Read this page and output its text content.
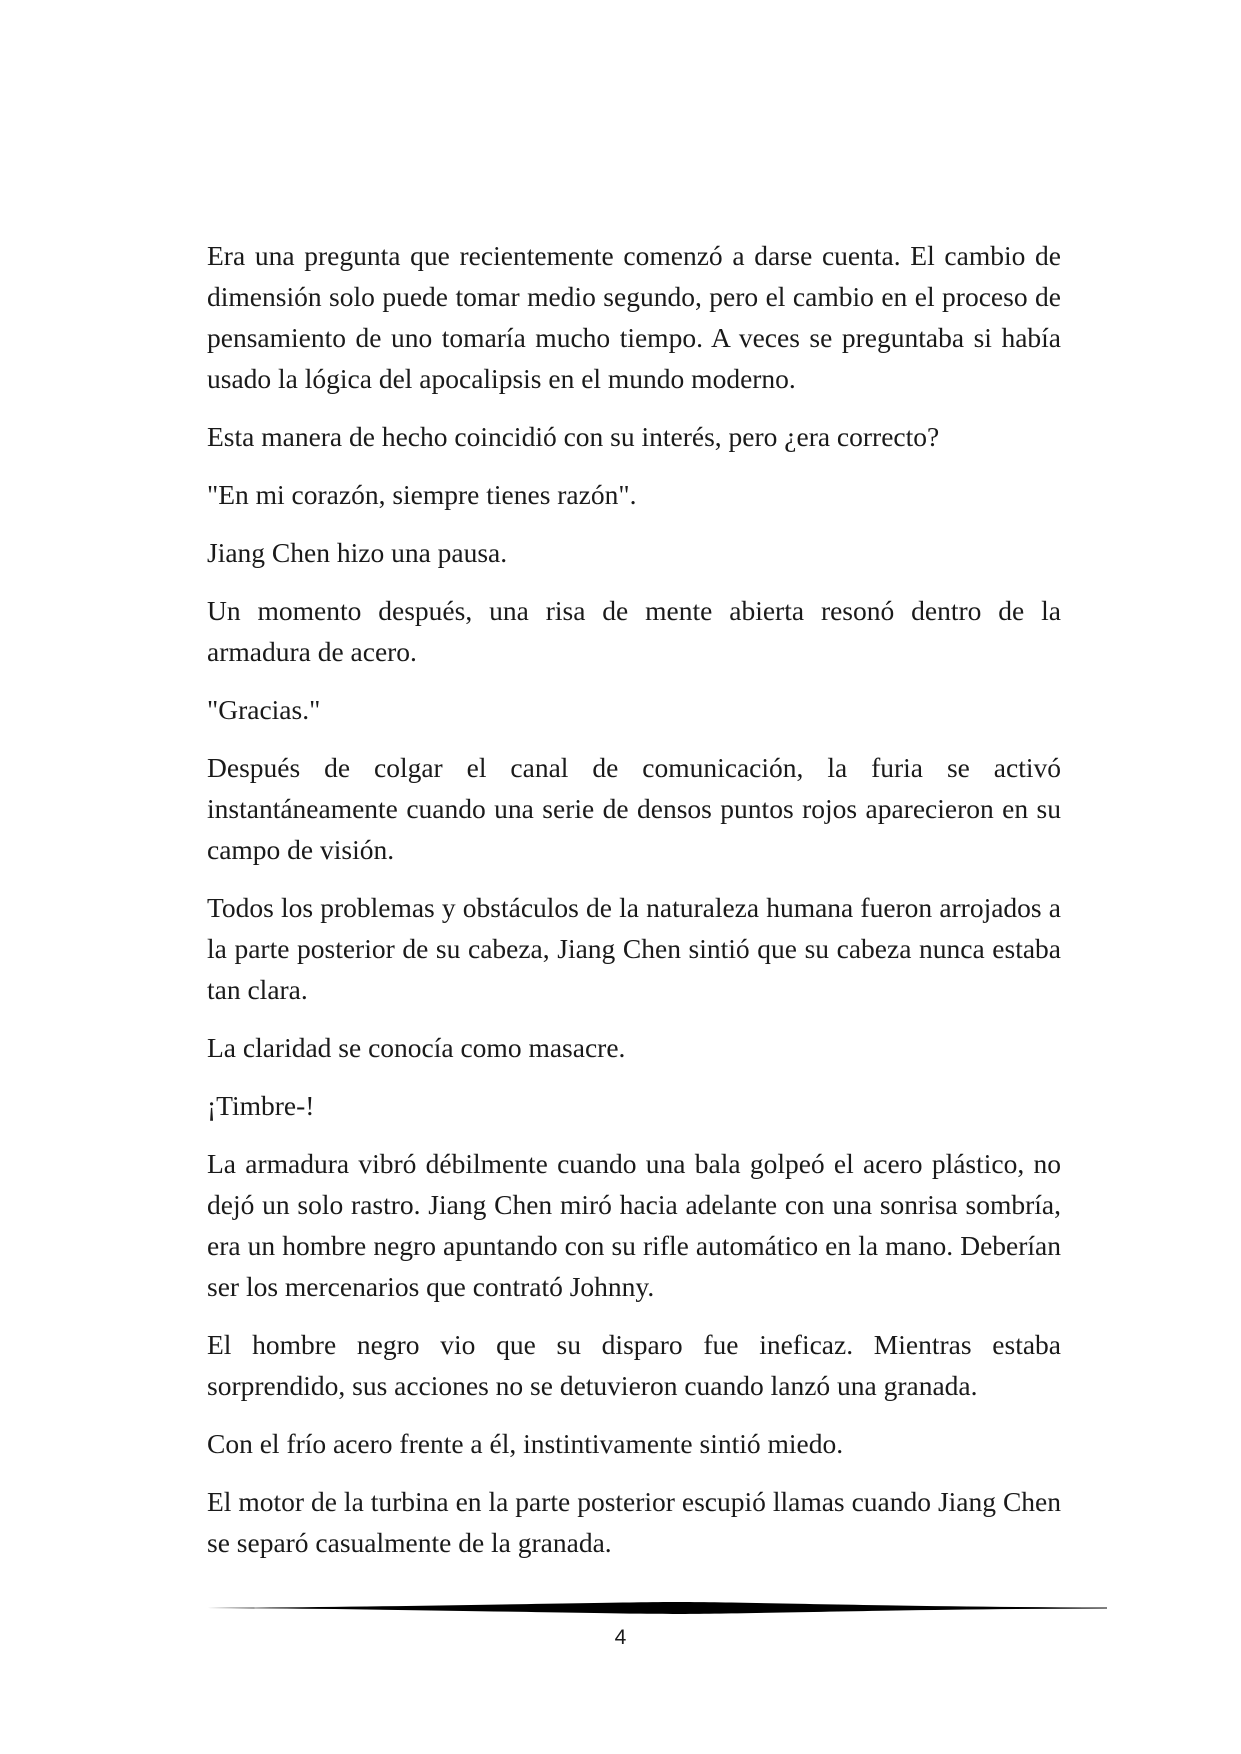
Era una pregunta que recientemente comenzó a darse cuenta. El cambio de dimensión solo puede tomar medio segundo, pero el cambio en el proceso de pensamiento de uno tomaría mucho tiempo. A veces se preguntaba si había usado la lógica del apocalipsis en el mundo moderno.

Esta manera de hecho coincidió con su interés, pero ¿era correcto?

"En mi corazón, siempre tienes razón".

Jiang Chen hizo una pausa.

Un momento después, una risa de mente abierta resonó dentro de la armadura de acero.

"Gracias."

Después de colgar el canal de comunicación, la furia se activó instantáneamente cuando una serie de densos puntos rojos aparecieron en su campo de visión.

Todos los problemas y obstáculos de la naturaleza humana fueron arrojados a la parte posterior de su cabeza, Jiang Chen sintió que su cabeza nunca estaba tan clara.

La claridad se conocía como masacre.

¡Timbre-!

La armadura vibró débilmente cuando una bala golpeó el acero plástico, no dejó un solo rastro. Jiang Chen miró hacia adelante con una sonrisa sombría, era un hombre negro apuntando con su rifle automático en la mano. Deberían ser los mercenarios que contrató Johnny.

El hombre negro vio que su disparo fue ineficaz. Mientras estaba sorprendido, sus acciones no se detuvieron cuando lanzó una granada.

Con el frío acero frente a él, instintivamente sintió miedo.

El motor de la turbina en la parte posterior escupió llamas cuando Jiang Chen se separó casualmente de la granada.

4
